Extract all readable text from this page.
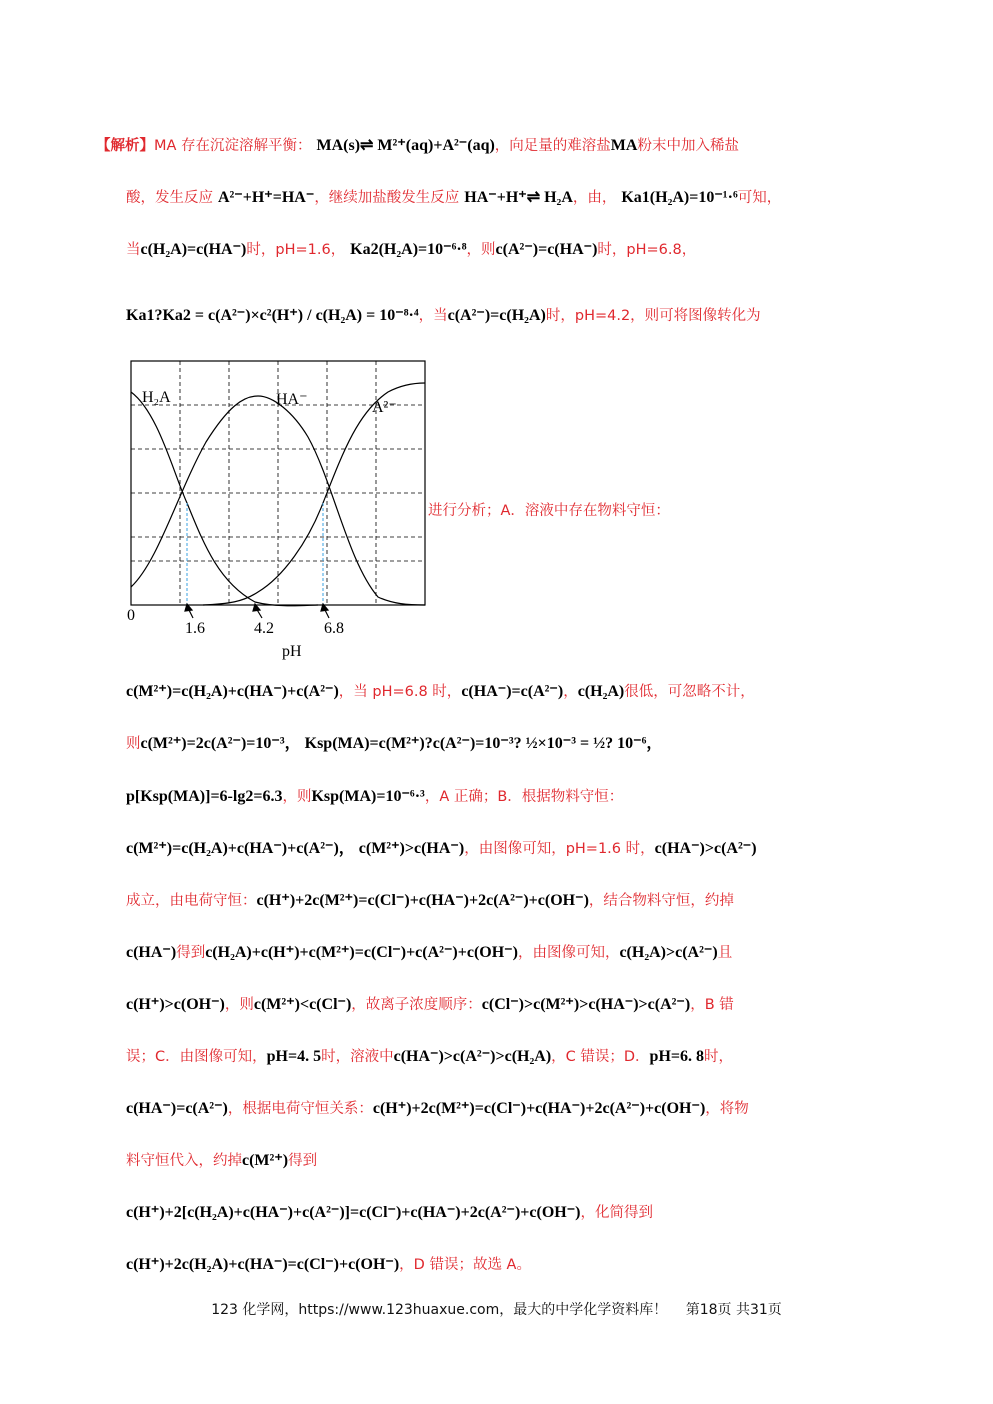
【解析】MA 存在沉淀溶解平衡： MA(s)⇌ M²⁺(aq)+A²⁻(aq)，向足量的难溶盐MA粉末中加入稀盐
酸，发生反应 A²⁻+H⁺=HA⁻，继续加盐酸发生反应 HA⁻+H⁺⇌ H₂A，由， Ka1(H₂A)=10⁻¹·⁶可知，
当c(H₂A)=c(HA⁻)时，pH=1.6， Ka2(H₂A)=10⁻⁶·⁸，则c(A²⁻)=c(HA⁻)时，pH=6.8，
Ka1?Ka2 = c(A²⁻)×c²(H⁺) / c(H₂A) = 10⁻⁸·⁴，当c(A²⁻)=c(H₂A)时，pH=4.2，则可将图像转化为
H₂A	HA⁻	A²⁻
0
1.6	4.2	6.8
pH
进行分析；A．溶液中存在物料守恒：
c(M²⁺)=c(H₂A)+c(HA⁻)+c(A²⁻)，当 pH=6.8 时，c(HA⁻)=c(A²⁻)，c(H₂A)很低，可忽略不计，
则c(M²⁺)=2c(A²⁻)=10⁻³， Ksp(MA)=c(M²⁺)?c(A²⁻)=10⁻³? ½×10⁻³ = ½? 10⁻⁶，
p[Ksp(MA)]=6-lg2=6.3，则Ksp(MA)=10⁻⁶·³，A 正确；B．根据物料守恒：
c(M²⁺)=c(H₂A)+c(HA⁻)+c(A²⁻)， c(M²⁺)>c(HA⁻)，由图像可知，pH=1.6 时，c(HA⁻)>c(A²⁻)
成立，由电荷守恒：c(H⁺)+2c(M²⁺)=c(Cl⁻)+c(HA⁻)+2c(A²⁻)+c(OH⁻)，结合物料守恒，约掉
c(HA⁻)得到c(H₂A)+c(H⁺)+c(M²⁺)=c(Cl⁻)+c(A²⁻)+c(OH⁻)，由图像可知，c(H₂A)>c(A²⁻)且
c(H⁺)>c(OH⁻)，则c(M²⁺)<c(Cl⁻)，故离子浓度顺序：c(Cl⁻)>c(M²⁺)>c(HA⁻)>c(A²⁻)，B 错
误；C．由图像可知，pH=4. 5时，溶液中c(HA⁻)>c(A²⁻)>c(H₂A)，C 错误；D．pH=6. 8时，
c(HA⁻)=c(A²⁻)，根据电荷守恒关系：c(H⁺)+2c(M²⁺)=c(Cl⁻)+c(HA⁻)+2c(A²⁻)+c(OH⁻)，将物
料守恒代入，约掉c(M²⁺)得到
c(H⁺)+2[c(H₂A)+c(HA⁻)+c(A²⁻)]=c(Cl⁻)+c(HA⁻)+2c(A²⁻)+c(OH⁻)，化简得到
c(H⁺)+2c(H₂A)+c(HA⁻)=c(Cl⁻)+c(OH⁻)，D 错误；故选 A。
123 化学网，https://www.123huaxue.com，最大的中学化学资料库！ 第18页 共31页
